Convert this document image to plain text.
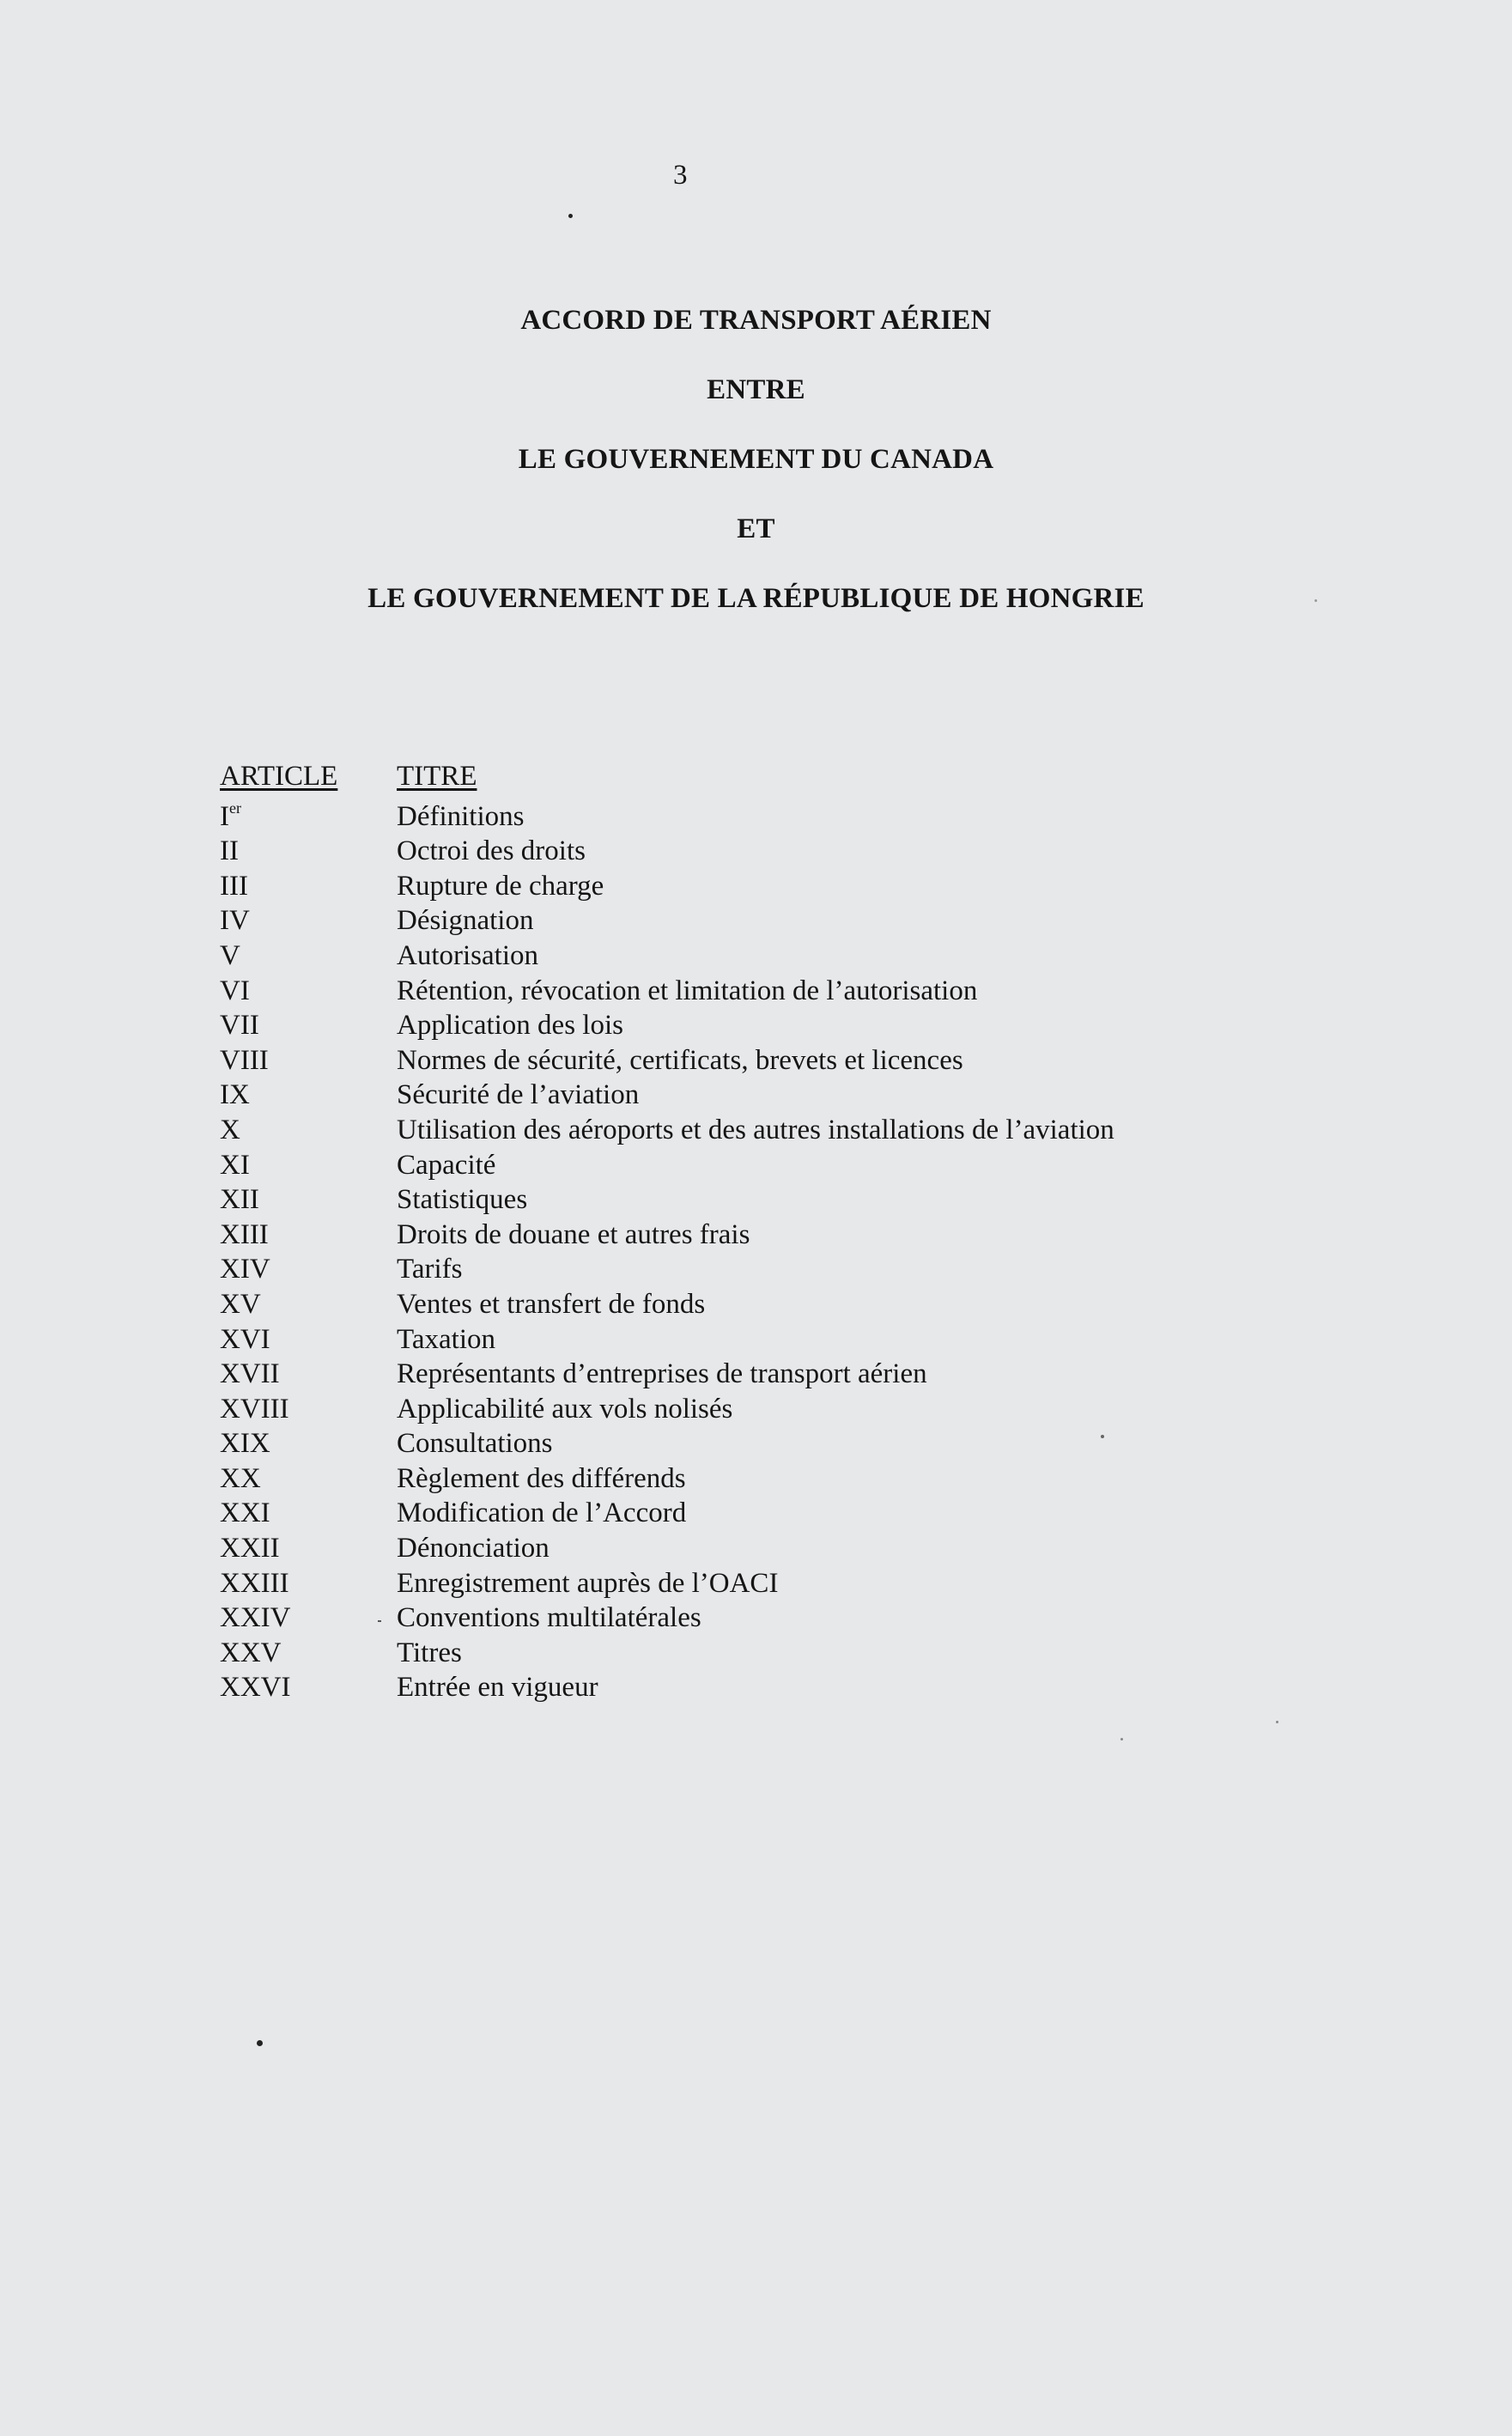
3
ACCORD DE TRANSPORT AÉRIEN
ENTRE
LE GOUVERNEMENT DU CANADA
ET
LE GOUVERNEMENT DE LA RÉPUBLIQUE DE HONGRIE
ARTICLE	TITRE
Ier	Définitions
II	Octroi des droits
III	Rupture de charge
IV	Désignation
V	Autorisation
VI	Rétention, révocation et limitation de l’autorisation
VII	Application des lois
VIII	Normes de sécurité, certificats, brevets et licences
IX	Sécurité de l’aviation
X	Utilisation des aéroports et des autres installations de l’aviation
XI	Capacité
XII	Statistiques
XIII	Droits de douane et autres frais
XIV	Tarifs
XV	Ventes et transfert de fonds
XVI	Taxation
XVII	Représentants d’entreprises de transport aérien
XVIII	Applicabilité aux vols nolisés
XIX	Consultations
XX	Règlement des différends
XXI	Modification de l’Accord
XXII	Dénonciation
XXIII	Enregistrement auprès de l’OACI
XXIV	Conventions multilatérales
XXV	Titres
XXVI	Entrée en vigueur
